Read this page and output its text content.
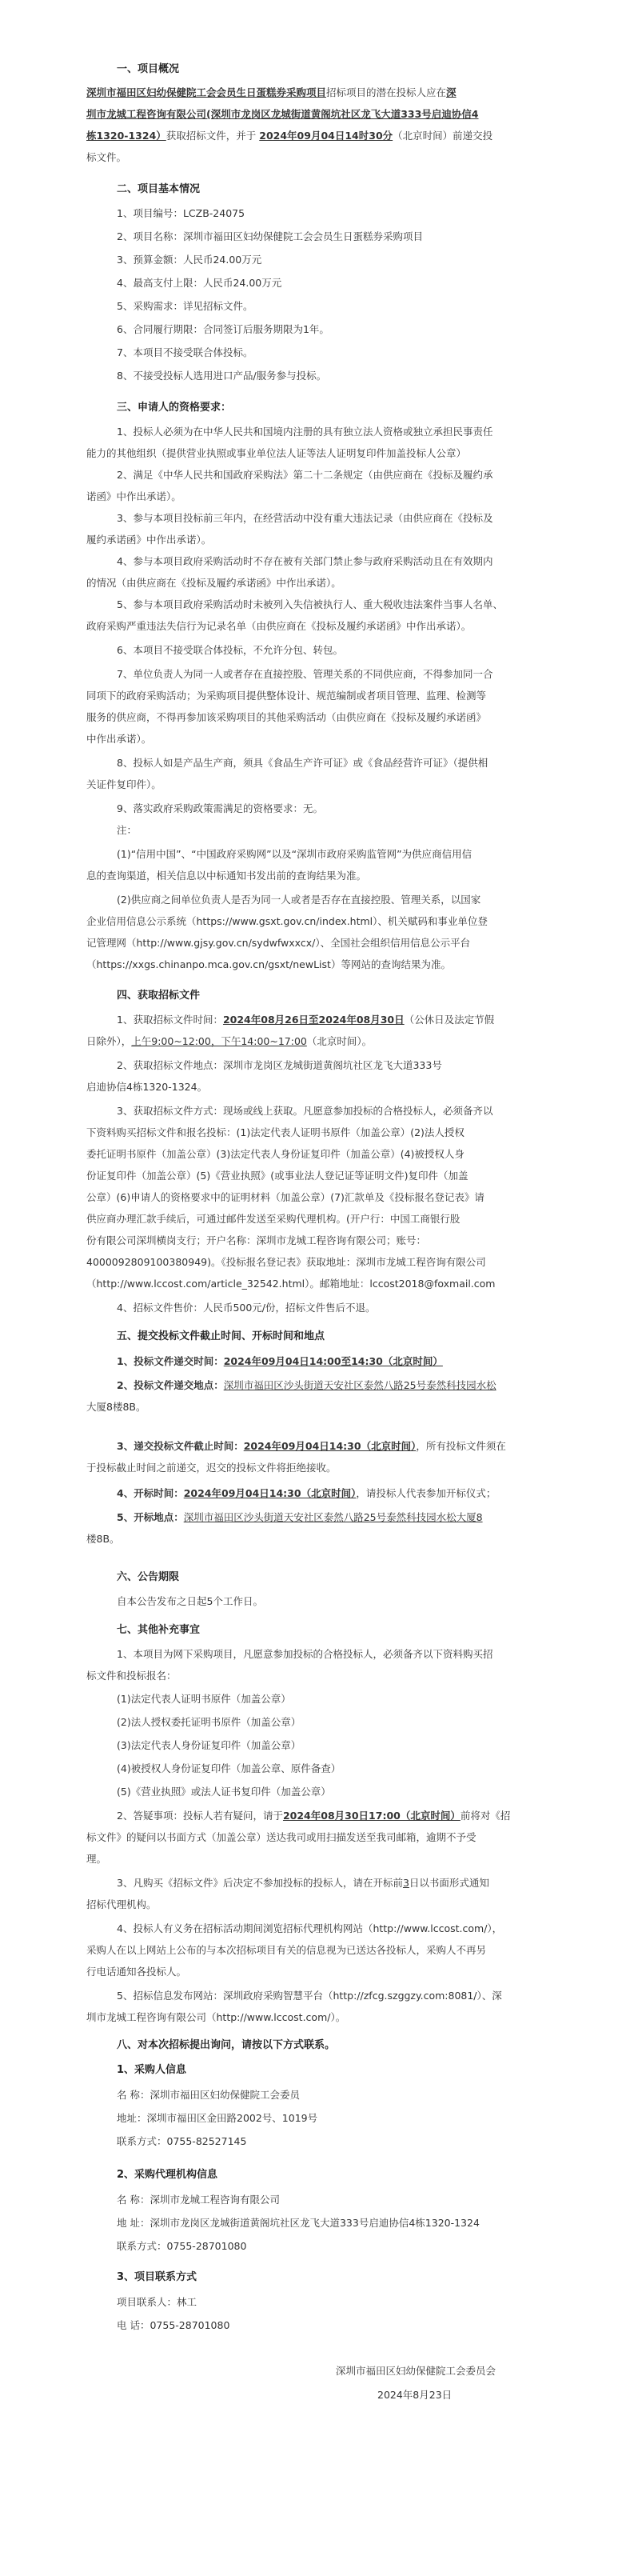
一、项目概况

深圳市福田区妇幼保健院工会会员生日蛋糕券采购项目招标项目的潜在投标人应在深

圳市龙城工程咨询有限公司(深圳市龙岗区龙城街道黄阁坑社区龙飞大道333号启迪协信4

栋1320-1324）获取招标文件，并于 2024年09月04日14时30分（北京时间）前递交投

标文件。

二、项目基本情况

1、项目编号：LCZB-24075

2、项目名称：深圳市福田区妇幼保健院工会会员生日蛋糕券采购项目

3、预算金额：人民币24.00万元

4、最高支付上限：人民币24.00万元

5、采购需求：详见招标文件。

6、合同履行期限：合同签订后服务期限为1年。

7、本项目不接受联合体投标。

8、不接受投标人选用进口产品/服务参与投标。

三、申请人的资格要求：

1、投标人必须为在中华人民共和国境内注册的具有独立法人资格或独立承担民事责任

能力的其他组织（提供营业执照或事业单位法人证等法人证明复印件加盖投标人公章）

2、满足《中华人民共和国政府采购法》第二十二条规定（由供应商在《投标及履约承

诺函》中作出承诺）。

3、参与本项目投标前三年内，在经营活动中没有重大违法记录（由供应商在《投标及

履约承诺函》中作出承诺）。

4、参与本项目政府采购活动时不存在被有关部门禁止参与政府采购活动且在有效期内

的情况（由供应商在《投标及履约承诺函》中作出承诺）。

5、参与本项目政府采购活动时未被列入失信被执行人、重大税收违法案件当事人名单、

政府采购严重违法失信行为记录名单（由供应商在《投标及履约承诺函》中作出承诺）。

6、本项目不接受联合体投标，不允许分包、转包。

7、单位负责人为同一人或者存在直接控股、管理关系的不同供应商，不得参加同一合

同项下的政府采购活动；为采购项目提供整体设计、规范编制或者项目管理、监理、检测等

服务的供应商，不得再参加该采购项目的其他采购活动（由供应商在《投标及履约承诺函》

中作出承诺）。

8、投标人如是产品生产商，须具《食品生产许可证》或《食品经营许可证》（提供相

关证件复印件）。

9、落实政府采购政策需满足的资格要求：无。

注：

(1)“信用中国”、“中国政府采购网”以及“深圳市政府采购监管网”为供应商信用信

息的查询渠道，相关信息以中标通知书发出前的查询结果为准。

(2)供应商之间单位负责人是否为同一人或者是否存在直接控股、管理关系，以国家

企业信用信息公示系统（https://www.gsxt.gov.cn/index.html）、机关赋码和事业单位登

记管理网（http://www.gjsy.gov.cn/sydwfwxxcx/）、全国社会组织信用信息公示平台

（https://xxgs.chinanpo.mca.gov.cn/gsxt/newList）等网站的查询结果为准。

四、获取招标文件

1、获取招标文件时间：2024年08月26日至2024年08月30日（公休日及法定节假

日除外），上午9:00~12:00，下午14:00~17:00（北京时间）。

2、获取招标文件地点：深圳市龙岗区龙城街道黄阁坑社区龙飞大道333号

启迪协信4栋1320-1324。

3、获取招标文件方式：现场或线上获取。凡愿意参加投标的合格投标人，必须备齐以

下资料购买招标文件和报名投标：(1)法定代表人证明书原件（加盖公章）(2)法人授权

委托证明书原件（加盖公章）(3)法定代表人身份证复印件（加盖公章）(4)被授权人身

份证复印件（加盖公章）(5)《营业执照》(或事业法人登记证等证明文件)复印件（加盖

公章）(6)申请人的资格要求中的证明材料（加盖公章）(7)汇款单及《投标报名登记表》请

供应商办理汇款手续后，可通过邮件发送至采购代理机构。(开户行：中国工商银行股

份有限公司深圳横岗支行；开户名称：深圳市龙城工程咨询有限公司；账号：

4000092809100380949)。《投标报名登记表》获取地址：深圳市龙城工程咨询有限公司

（http://www.lccost.com/article_32542.html）。邮箱地址：lccost2018@foxmail.com

4、招标文件售价：人民币500元/份，招标文件售后不退。

五、提交投标文件截止时间、开标时间和地点

1、投标文件递交时间：2024年09月04日14:00至14:30（北京时间）

2、投标文件递交地点：深圳市福田区沙头街道天安社区泰然八路25号泰然科技园水松

大厦8楼8B。

3、递交投标文件截止时间：2024年09月04日14:30（北京时间），所有投标文件须在

于投标截止时间之前递交，迟交的投标文件将拒绝接收。

4、开标时间：2024年09月04日14:30（北京时间），请投标人代表参加开标仪式；

5、开标地点：深圳市福田区沙头街道天安社区泰然八路25号泰然科技园水松大厦8

楼8B。

六、公告期限

自本公告发布之日起5个工作日。

七、其他补充事宜

1、本项目为网下采购项目，凡愿意参加投标的合格投标人，必须备齐以下资料购买招

标文件和投标报名：

(1)法定代表人证明书原件（加盖公章）

(2)法人授权委托证明书原件（加盖公章）

(3)法定代表人身份证复印件（加盖公章）

(4)被授权人身份证复印件（加盖公章、原件备查）

(5)《营业执照》或法人证书复印件（加盖公章）

2、答疑事项：投标人若有疑问，请于2024年08月30日17:00（北京时间）前将对《招

标文件》的疑问以书面方式（加盖公章）送达我司或用扫描发送至我司邮箱，逾期不予受

理。

3、凡购买《招标文件》后决定不参加投标的投标人，请在开标前3日以书面形式通知

招标代理机构。

4、投标人有义务在招标活动期间浏览招标代理机构网站（http://www.lccost.com/），

采购人在以上网站上公布的与本次招标项目有关的信息视为已送达各投标人，采购人不再另

行电话通知各投标人。

5、招标信息发布网站：深圳政府采购智慧平台（http://zfcg.szggzy.com:8081/）、深

圳市龙城工程咨询有限公司（http://www.lccost.com/）。

八、对本次招标提出询问，请按以下方式联系。

1、采购人信息

名 称：深圳市福田区妇幼保健院工会委员

地址：深圳市福田区金田路2002号、1019号

联系方式：0755-82527145

2、采购代理机构信息

名 称：深圳市龙城工程咨询有限公司

地 址：深圳市龙岗区龙城街道黄阁坑社区龙飞大道333号启迪协信4栋1320-1324

联系方式：0755-28701080

3、项目联系方式

项目联系人：林工

电 话：0755-28701080

深圳市福田区妇幼保健院工会委员会

2024年8月23日
